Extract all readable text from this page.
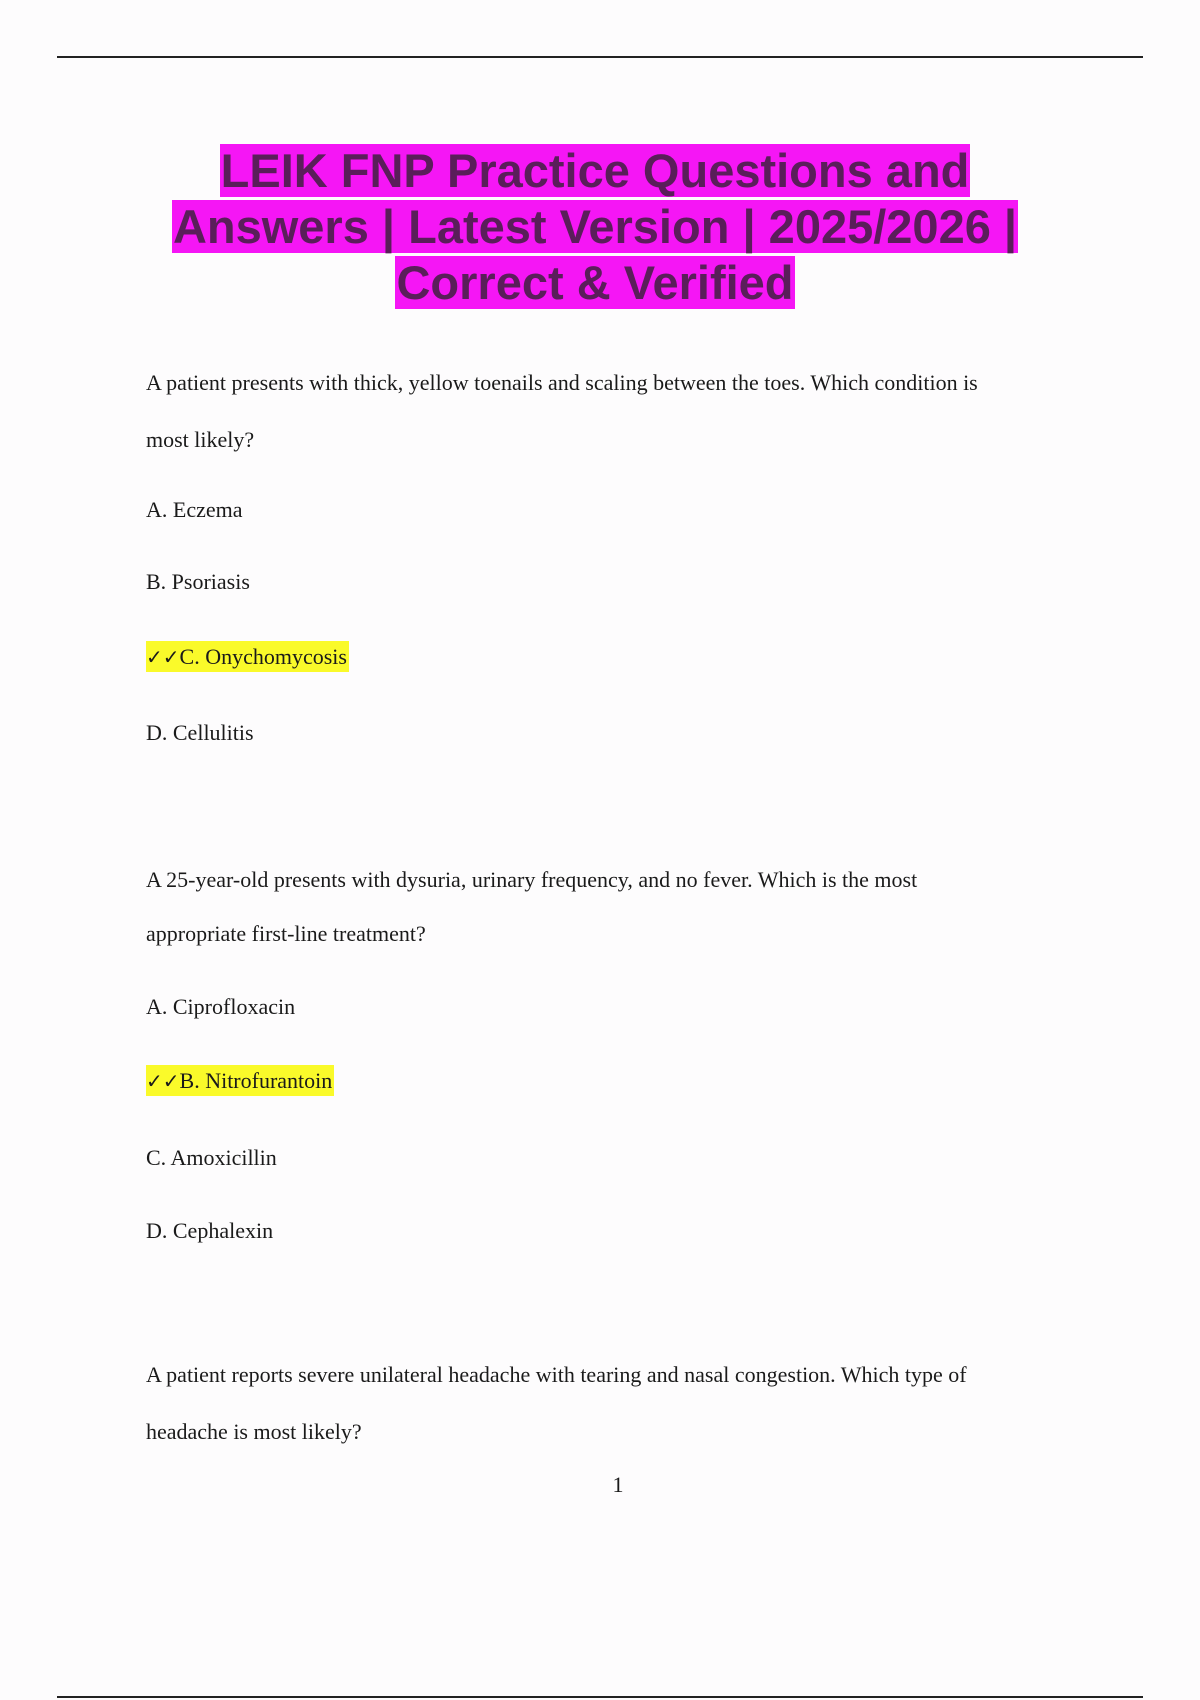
LEIK FNP Practice Questions and
Answers | Latest Version | 2025/2026 |
Correct & Verified

A patient presents with thick, yellow toenails and scaling between the toes. Which condition is

most likely?

A. Eczema

B. Psoriasis

✓✓C. Onychomycosis

D. Cellulitis

A 25-year-old presents with dysuria, urinary frequency, and no fever. Which is the most

appropriate first-line treatment?

A. Ciprofloxacin

✓✓B. Nitrofurantoin

C. Amoxicillin

D. Cephalexin

A patient reports severe unilateral headache with tearing and nasal congestion. Which type of

headache is most likely?

1
